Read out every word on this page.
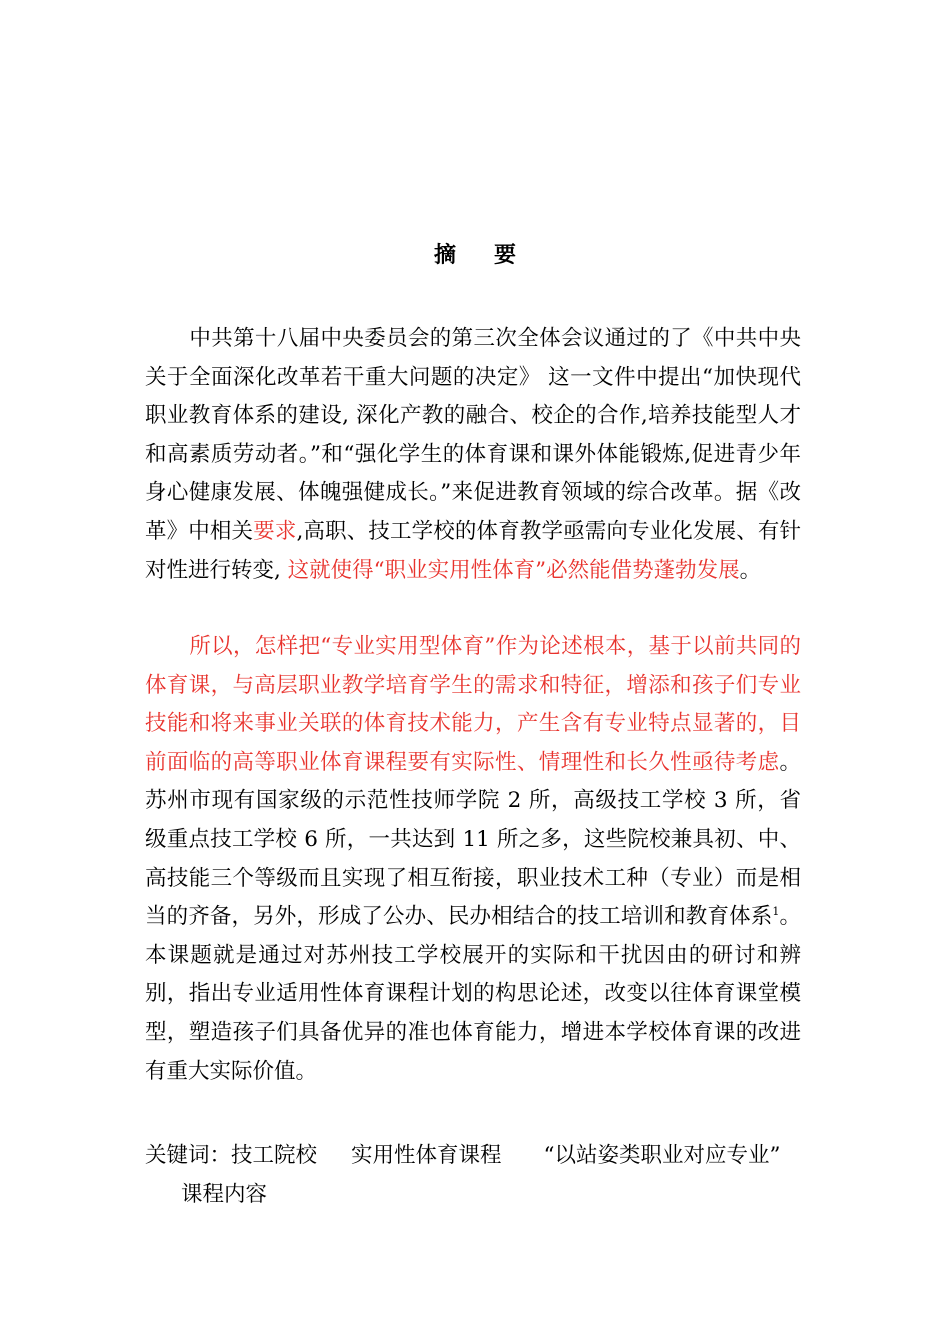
摘 要
中共第十八届中央委员会的第三次全体会议通过的了《中共中央关于全面深化改革若干重大问题的决定》 这一文件中提出“加快现代职业教育体系的建设, 深化产教的融合、校企的合作,培养技能型人才和高素质劳动者。”和“强化学生的体育课和课外体能锻炼,促进青少年身心健康发展、体魄强健成长。”来促进教育领域的综合改革。据《改革》中相关要求,高职、技工学校的体育教学亟需向专业化发展、有针对性进行转变, 这就使得“职业实用性体育”必然能借势蓬勃发展。
所以，怎样把“专业实用型体育”作为论述根本，基于以前共同的体育课，与高层职业教学培育学生的需求和特征，增添和孩子们专业技能和将来事业关联的体育技术能力，产生含有专业特点显著的，目前面临的高等职业体育课程要有实际性、情理性和长久性亟待考虑。苏州市现有国家级的示范性技师学院 2 所，高级技工学校 3 所，省级重点技工学校 6 所，一共达到 11 所之多，这些院校兼具初、中、高技能三个等级而且实现了相互衔接，职业技术工种（专业）而是相当的齐备，另外，形成了公办、民办相结合的技工培训和教育体系$^1$。本课题就是通过对苏州技工学校展开的实际和干扰因由的研讨和辨别，指出专业适用性体育课程计划的构思论述，改变以往体育课堂模型，塑造孩子们具备优异的准也体育能力，增进本学校体育课的改进有重大实际价值。
关键词：技工院校 实用性体育课程 “以站姿类职业对应专业”课程内容
